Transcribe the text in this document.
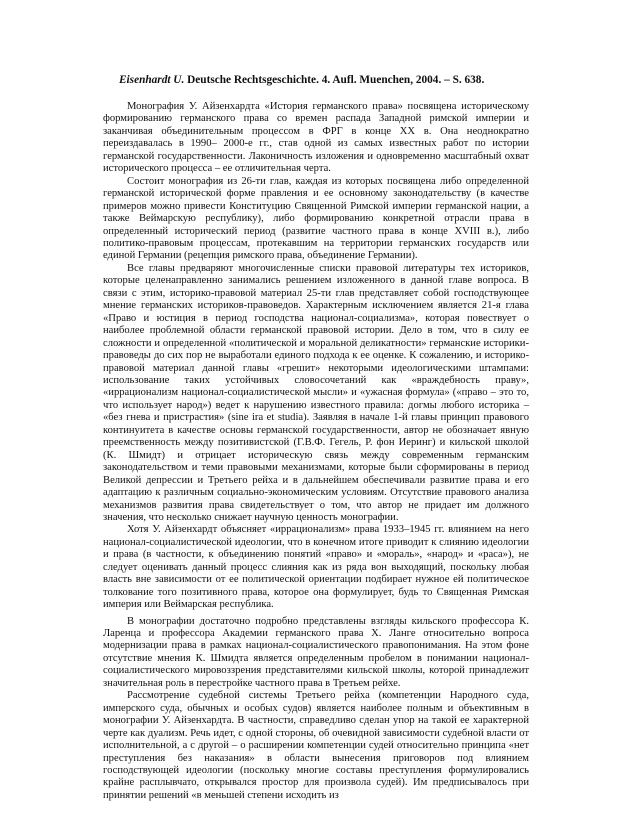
Eisenhardt U. Deutsche Rechtsgeschichte. 4. Aufl. Muenchen, 2004. – S. 638.

Монография У. Айзенхардта «История германского права» посвящена историческому формированию германского права со времен распада Западной римской империи и заканчивая объединительным процессом в ФРГ в конце XX в. Она неоднократно переиздавалась в 1990– 2000-е гг., став одной из самых известных работ по истории германской государственности. Лаконичность изложения и одновременно масштабный охват исторического процесса – ее отличительная черта.

Состоит монография из 26-ти глав, каждая из которых посвящена либо определенной германской исторической форме правления и ее основному законодательству (в качестве примеров можно привести Конституцию Священной Римской империи германской нации, а также Веймарскую республику), либо формированию конкретной отрасли права в определенный исторический период (развитие частного права в конце XVIII в.), либо политико-правовым процессам, протекавшим на территории германских государств или единой Германии (рецепция римского права, объединение Германии).

Все главы предваряют многочисленные списки правовой литературы тех историков, которые целенаправленно занимались решением изложенного в данной главе вопроса. В связи с этим, историко-правовой материал 25-ти глав представляет собой господствующее мнение германских историков-правоведов. Характерным исключением является 21-я глава «Право и юстиция в период господства национал-социализма», которая повествует о наиболее проблемной области германской правовой истории. Дело в том, что в силу ее сложности и определенной «политической и моральной деликатности» германские историки-правоведы до сих пор не выработали единого подхода к ее оценке. К сожалению, и историко-правовой материал данной главы «грешит» некоторыми идеологическими штампами: использование таких устойчивых словосочетаний как «враждебность праву», «иррационализм национал-социалистической мысли» и «ужасная формула» («право – это то, что использует народ») ведет к нарушению известного правила: догмы любого историка – «без гнева и пристрастия» (sine ira et studia). Заявляя в начале 1-й главы принцип правового континуитета в качестве основы германской государственности, автор не обозначает явную преемственность между позитивистской (Г.В.Ф. Гегель, Р. фон Иеринг) и кильской школой (К. Шмидт) и отрицает историческую связь между современным германским законодательством и теми правовыми механизмами, которые были сформированы в период Великой депрессии и Третьего рейха и в дальнейшем обеспечивали развитие права и его адаптацию к различным социально-экономическим условиям. Отсутствие правового анализа механизмов развития права свидетельствует о том, что автор не придает им должного значения, что несколько снижает научную ценность монографии.

Хотя У. Айзенхардт объясняет «иррационализм» права 1933–1945 гг. влиянием на него национал-социалистической идеологии, что в конечном итоге приводит к слиянию идеологии и права (в частности, к объединению понятий «право» и «мораль», «народ» и «раса»), не следует оценивать данный процесс слияния как из ряда вон выходящий, поскольку любая власть вне зависимости от ее политической ориентации подбирает нужное ей политическое толкование того позитивного права, которое она формулирует, будь то Священная Римская империя или Веймарская республика.

В монографии достаточно подробно представлены взгляды кильского профессора К. Ларенца и профессора Академии германского права Х. Ланге относительно вопроса модернизации права в рамках национал-социалистического правопонимания. На этом фоне отсутствие мнения К. Шмидта является определенным пробелом в понимании национал-социалистического мировоззрения представителями кильской школы, которой принадлежит значительная роль в перестройке частного права в Третьем рейхе.

Рассмотрение судебной системы Третьего рейха (компетенции Народного суда, имперского суда, обычных и особых судов) является наиболее полным и объективным в монографии У. Айзенхардта. В частности, справедливо сделан упор на такой ее характерной черте как дуализм. Речь идет, с одной стороны, об очевидной зависимости судебной власти от исполнительной, а с другой – о расширении компетенции судей относительно принципа «нет преступления без наказания» в области вынесения приговоров под влиянием господствующей идеологии (поскольку многие составы преступления формулировались крайне расплывчато, открывался простор для произвола судей). Им предписывалось при принятии решений «в меньшей степени исходить из
